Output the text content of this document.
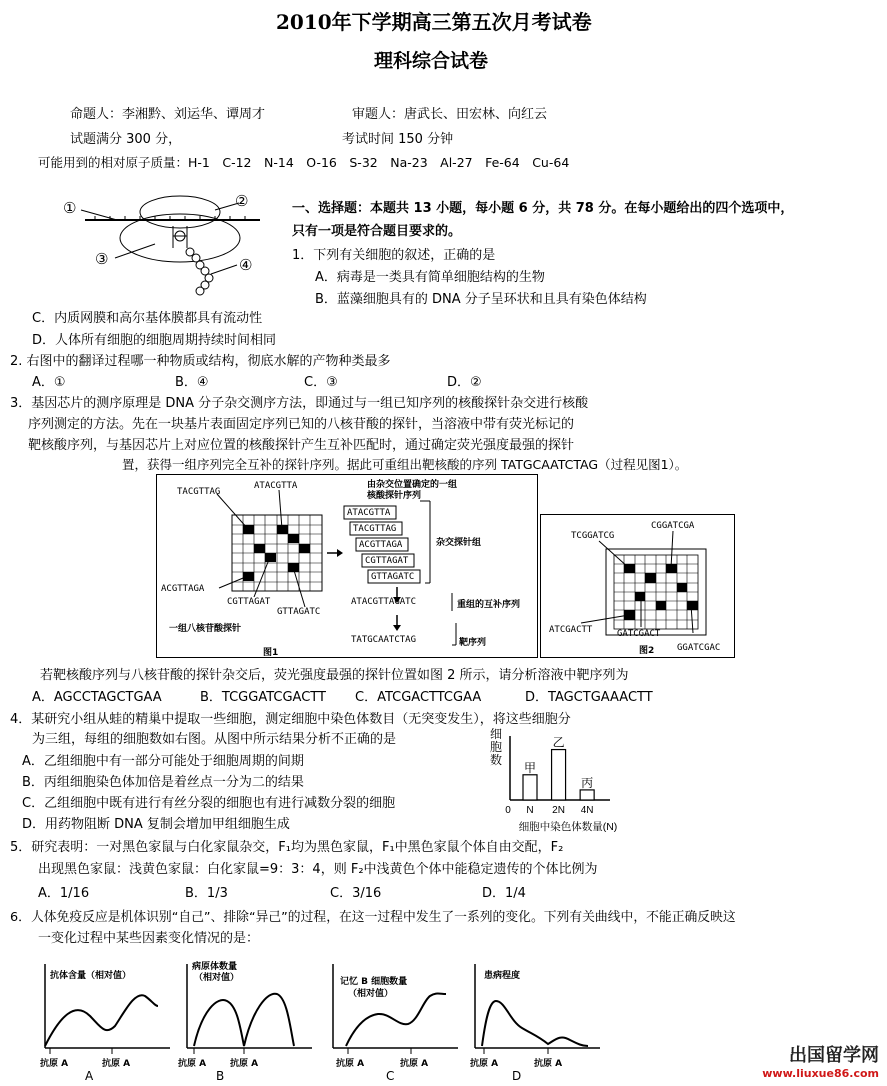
2010年下学期高三第五次月考试卷
理科综合试卷
命题人：李湘黔、刘运华、谭周才	审题人：唐武长、田宏林、向红云
试题满分 300 分，	考试时间 150 分钟
可能用到的相对原子质量：H-1　C-12　N-14　O-16　S-32　Na-23　Al-27　Fe-64　Cu-64
①	②
③	④
一、选择题：本题共 13 小题，每小题 6 分，共 78 分。在每小题给出的四个选项中，
只有一项是符合题目要求的。
1．下列有关细胞的叙述，正确的是
A．病毒是一类具有简单细胞结构的生物
B．蓝藻细胞具有的 DNA 分子呈环状和且具有染色体结构
C．内质网膜和高尔基体膜都具有流动性
D．人体所有细胞的细胞周期持续时间相同
2. 右图中的翻译过程哪一种物质或结构，彻底水解的产物种类最多
A．①	B．④	C．③	D．②
3．基因芯片的测序原理是 DNA 分子杂交测序方法，即通过与一组已知序列的核酸探针杂交进行核酸
序列测定的方法。先在一块基片表面固定序列已知的八核苷酸的探针，当溶液中带有荧光标记的
靶核酸序列，与基因芯片上对应位置的核酸探针产生互补匹配时，通过确定荧光强度最强的探针
置，获得一组序列完全互补的探针序列。据此可重组出靶核酸的序列 TATGCAATCTAG（过程见图1）。
TACGTTAG
ATACGTTA
ACGTTAGA
CGTTAGAT
GTTAGATC
一组八核苷酸探针
由杂交位置确定的一组
核酸探针序列
ATACGTTA
TACGTTAG
ACGTTAGA
CGTTAGAT
GTTAGATC
杂交探针组
ATACGTTAGATC	重组的互补序列
TATGCAATCTAG	靶序列
图1
TCGGATCG
CGGATCGA
ATCGACTT	GATCGACT
GGATCGAC
图2
若靶核酸序列与八核苷酸的探针杂交后，荧光强度最强的探针位置如图 2 所示，请分析溶液中靶序列为
A．AGCCTAGCTGAA	B．TCGGATCGACTT C．ATCGACTTCGAA	D．TAGCTGAAACTT
4．某研究小组从蛙的精巢中提取一些细胞，测定细胞中染色体数目（无突变发生），将这些细胞分
为三组，每组的细胞数如右图。从图中所示结果分析不正确的是
A．乙组细胞中有一部分可能处于细胞周期的间期
B．丙组细胞染色体加倍是着丝点一分为二的结果
C．乙组细胞中既有进行有丝分裂的细胞也有进行减数分裂的细胞
D．用药物阻断 DNA 复制会增加甲组细胞生成
细
胞
数
0
甲
N
乙
2N
丙
4N
细胞中染色体数量(N)
5．研究表明：一对黑色家鼠与白化家鼠杂交，F₁均为黑色家鼠，F₁中黑色家鼠个体自由交配，F₂
出现黑色家鼠：浅黄色家鼠：白化家鼠=9：3：4，则 F₂中浅黄色个体中能稳定遗传的个体比例为
A．1/16	B．1/3	C．3/16	D．1/4
6．人体免疫反应是机体识别“自己”、排除“异己”的过程，在这一过程中发生了一系列的变化。下列有关曲线中，不能正确反映这
一变化过程中某些因素变化情况的是：
抗体含量（相对值）
抗原 A	抗原 A
A
病原体数量
（相对值）
抗原 A	抗原 A
B
记忆 B 细胞数量
（相对值）
抗原 A	抗原 A
C
患病程度
抗原 A	抗原 A
D
出国留学网
www.liuxue86.com
